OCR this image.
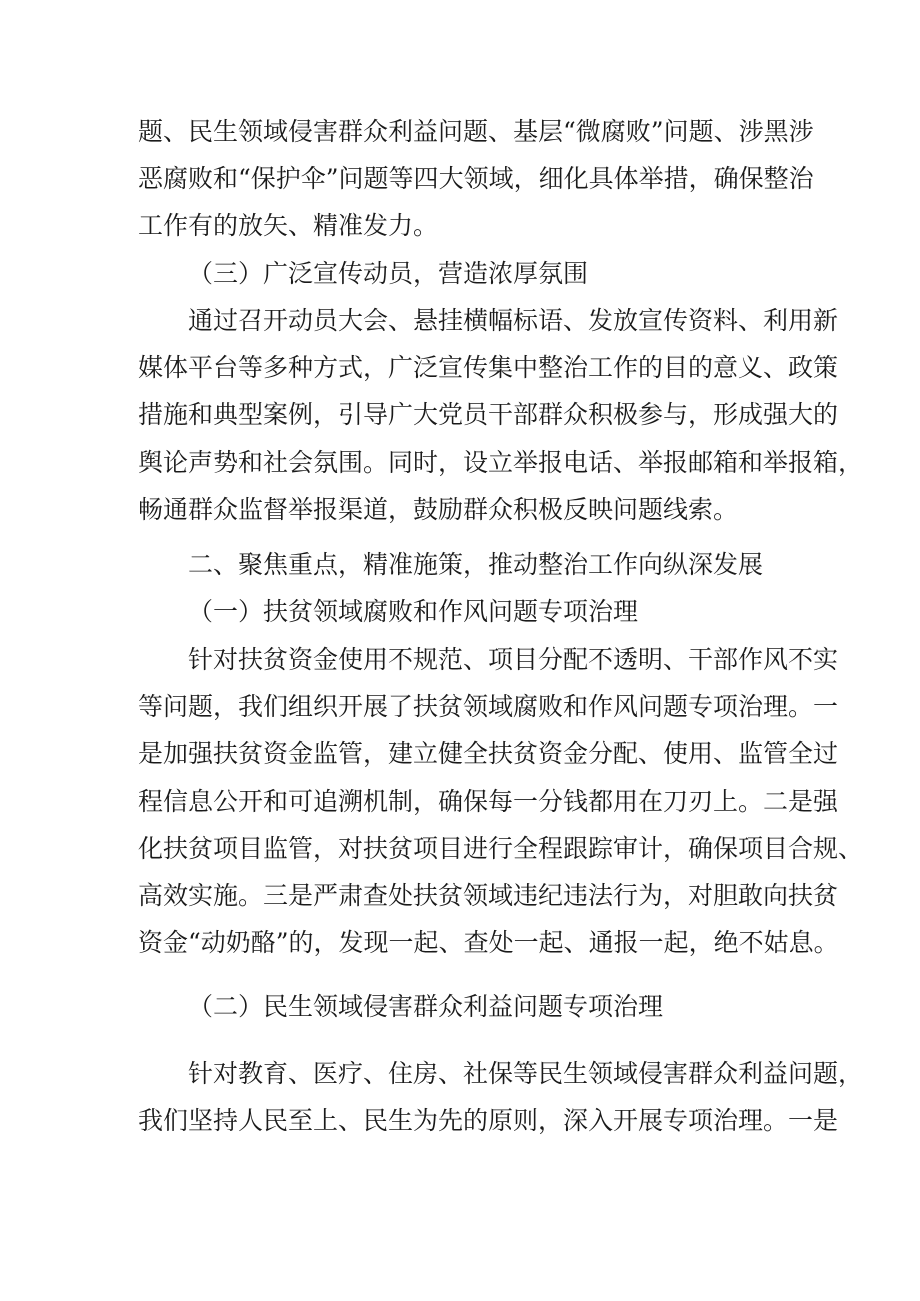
题、民生领域侵害群众利益问题、基层“微腐败”问题、涉黑涉
恶腐败和“保护伞”问题等四大领域，细化具体举措，确保整治
工作有的放矢、精准发力。
（三）广泛宣传动员，营造浓厚氛围
通过召开动员大会、悬挂横幅标语、发放宣传资料、利用新
媒体平台等多种方式，广泛宣传集中整治工作的目的意义、政策
措施和典型案例，引导广大党员干部群众积极参与，形成强大的
舆论声势和社会氛围。同时，设立举报电话、举报邮箱和举报箱，
畅通群众监督举报渠道，鼓励群众积极反映问题线索。
二、聚焦重点，精准施策，推动整治工作向纵深发展
（一）扶贫领域腐败和作风问题专项治理
针对扶贫资金使用不规范、项目分配不透明、干部作风不实
等问题，我们组织开展了扶贫领域腐败和作风问题专项治理。一
是加强扶贫资金监管，建立健全扶贫资金分配、使用、监管全过
程信息公开和可追溯机制，确保每一分钱都用在刀刃上。二是强
化扶贫项目监管，对扶贫项目进行全程跟踪审计，确保项目合规、
高效实施。三是严肃查处扶贫领域违纪违法行为，对胆敢向扶贫
资金“动奶酪”的，发现一起、查处一起、通报一起，绝不姑息。
（二）民生领域侵害群众利益问题专项治理
针对教育、医疗、住房、社保等民生领域侵害群众利益问题，
我们坚持人民至上、民生为先的原则，深入开展专项治理。一是
